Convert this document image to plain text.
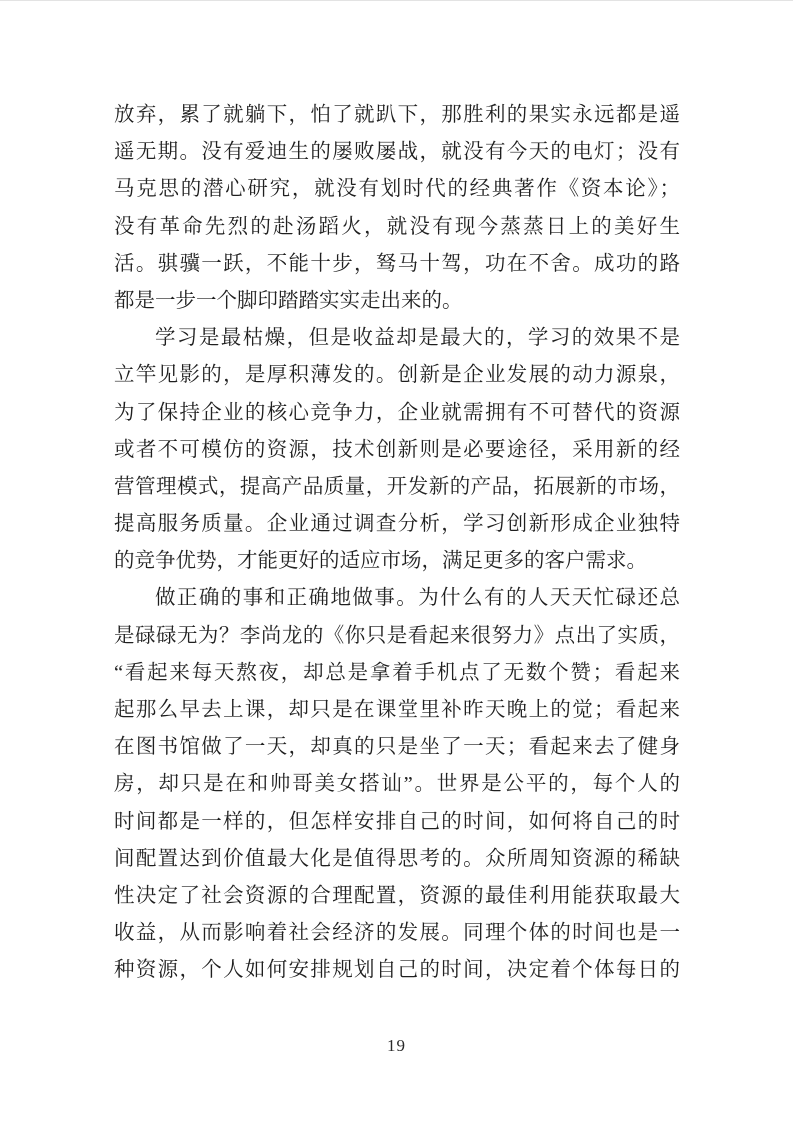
放弃，累了就躺下，怕了就趴下，那胜利的果实永远都是遥
遥无期。没有爱迪生的屡败屡战，就没有今天的电灯；没有
马克思的潜心研究，就没有划时代的经典著作《资本论》；
没有革命先烈的赴汤蹈火，就没有现今蒸蒸日上的美好生
活。骐骥一跃，不能十步，驽马十驾，功在不舍。成功的路
都是一步一个脚印踏踏实实走出来的。
学习是最枯燥，但是收益却是最大的，学习的效果不是
立竿见影的，是厚积薄发的。创新是企业发展的动力源泉，
为了保持企业的核心竞争力，企业就需拥有不可替代的资源
或者不可模仿的资源，技术创新则是必要途径，采用新的经
营管理模式，提高产品质量，开发新的产品，拓展新的市场，
提高服务质量。企业通过调查分析，学习创新形成企业独特
的竞争优势，才能更好的适应市场，满足更多的客户需求。
做正确的事和正确地做事。为什么有的人天天忙碌还总
是碌碌无为？李尚龙的《你只是看起来很努力》点出了实质，
“看起来每天熬夜，却总是拿着手机点了无数个赞；看起来
起那么早去上课，却只是在课堂里补昨天晚上的觉；看起来
在图书馆做了一天，却真的只是坐了一天；看起来去了健身
房，却只是在和帅哥美女搭讪”。世界是公平的，每个人的
时间都是一样的，但怎样安排自己的时间，如何将自己的时
间配置达到价值最大化是值得思考的。众所周知资源的稀缺
性决定了社会资源的合理配置，资源的最佳利用能获取最大
收益，从而影响着社会经济的发展。同理个体的时间也是一
种资源，个人如何安排规划自己的时间，决定着个体每日的
19
